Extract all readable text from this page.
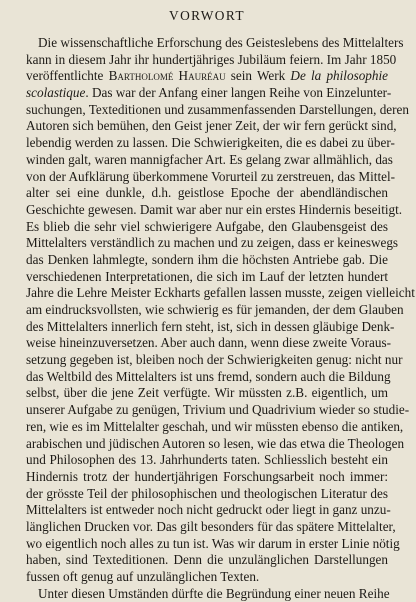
VORWORT
Die wissenschaftliche Erforschung des Geisteslebens des Mittelalters
kann in diesem Jahr ihr hundertjähriges Jubiläum feiern. Im Jahr 1850
veröffentlichte Bartholomé Hauréau sein Werk De la philosophie
scolastique. Das war der Anfang einer langen Reihe von Einzelunter-
suchungen, Texteditionen und zusammenfassenden Darstellungen, deren
Autoren sich bemühen, den Geist jener Zeit, der wir fern gerückt sind,
lebendig werden zu lassen. Die Schwierigkeiten, die es dabei zu über-
winden galt, waren mannigfacher Art. Es gelang zwar allmählich, das
von der Aufklärung überkommene Vorurteil zu zerstreuen, das Mittel-
alter sei eine dunkle, d.h. geistlose Epoche der abendländischen
Geschichte gewesen. Damit war aber nur ein erstes Hindernis beseitigt.
Es blieb die sehr viel schwierigere Aufgabe, den Glaubensgeist des
Mittelalters verständlich zu machen und zu zeigen, dass er keineswegs
das Denken lahmlegte, sondern ihm die höchsten Antriebe gab. Die
verschiedenen Interpretationen, die sich im Lauf der letzten hundert
Jahre die Lehre Meister Eckharts gefallen lassen musste, zeigen vielleicht
am eindrucksvollsten, wie schwierig es für jemanden, der dem Glauben
des Mittelalters innerlich fern steht, ist, sich in dessen gläubige Denk-
weise hineinzuversetzen. Aber auch dann, wenn diese zweite Voraus-
setzung gegeben ist, bleiben noch der Schwierigkeiten genug: nicht nur
das Weltbild des Mittelalters ist uns fremd, sondern auch die Bildung
selbst, über die jene Zeit verfügte. Wir müssten z.B. eigentlich, um
unserer Aufgabe zu genügen, Trivium und Quadrivium wieder so studie-
ren, wie es im Mittelalter geschah, und wir müssten ebenso die antiken,
arabischen und jüdischen Autoren so lesen, wie das etwa die Theologen
und Philosophen des 13. Jahrhunderts taten. Schliesslich besteht ein
Hindernis trotz der hundertjährigen Forschungsarbeit noch immer:
der grösste Teil der philosophischen und theologischen Literatur des
Mittelalters ist entweder noch nicht gedruckt oder liegt in ganz unzu-
länglichen Drucken vor. Das gilt besonders für das spätere Mittelalter,
wo eigentlich noch alles zu tun ist. Was wir darum in erster Linie nötig
haben, sind Texteditionen. Denn die unzulänglichen Darstellungen
fussen oft genug auf unzulänglichen Texten.
Unter diesen Umständen dürfte die Begründung einer neuen Reihe
